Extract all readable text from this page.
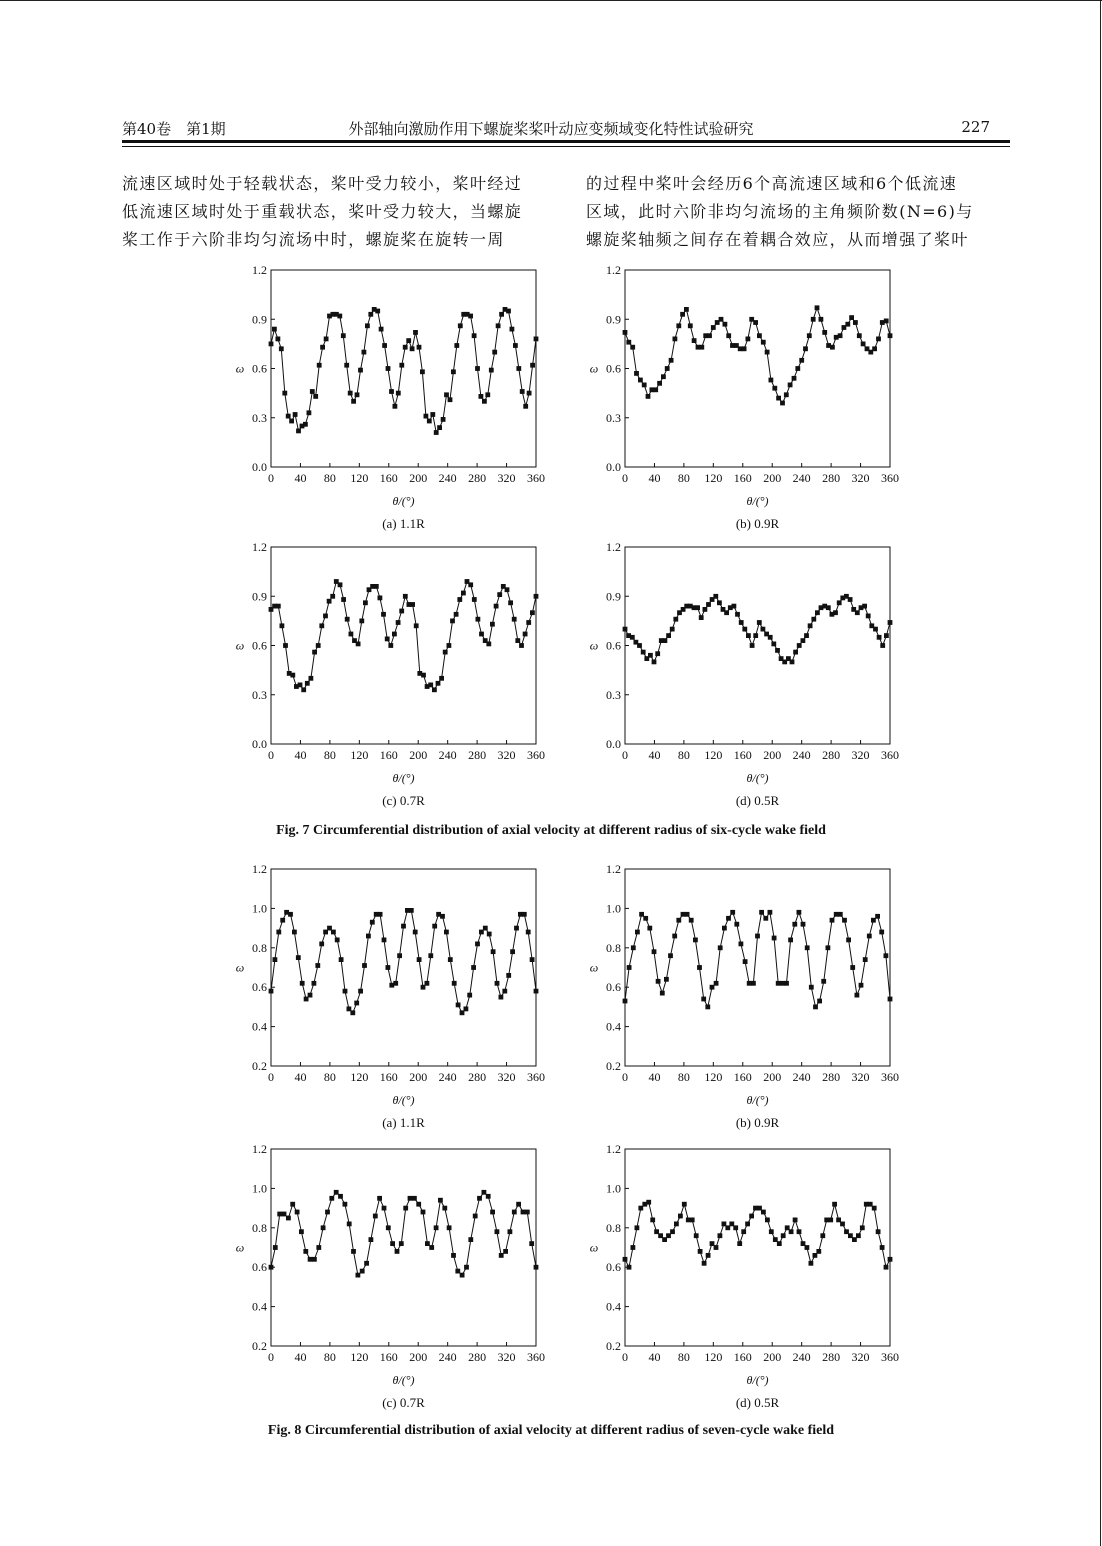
第40卷　第1期	外部轴向激励作用下螺旋桨桨叶动应变频域变化特性试验研究	227
流速区域时处于轻载状态，桨叶受力较小，桨叶经过
低流速区域时处于重载状态，桨叶受力较大，当螺旋
桨工作于六阶非均匀流场中时，螺旋桨在旋转一周
的过程中桨叶会经历6个高流速区域和6个低流速
区域，此时六阶非均匀流场的主角频阶数(N=6)与
螺旋桨轴频之间存在着耦合效应，从而增强了桨叶
0 40 80 120 160 200 240 280 320 360
0.0
0.3
0.6
0.9
1.2
ω
θ/(°)
(a) 1.1R
0 40 80 120 160 200 240 280 320 360
0.0
0.3
0.6
0.9
1.2
ω
θ/(°)
(b) 0.9R
0 40 80 120 160 200 240 280 320 360
0.0
0.3
0.6
0.9
1.2
ω
θ/(°)
(c) 0.7R
0 40 80 120 160 200 240 280 320 360
0.0
0.3
0.6
0.9
1.2
ω
θ/(°)
(d) 0.5R
Fig. 7 Circumferential distribution of axial velocity at different radius of six-cycle wake field
0 40 80 120 160 200 240 280 320 360
0.2
0.4
0.6
0.8
1.0
1.2
ω
θ/(°)
(a) 1.1R
0 40 80 120 160 200 240 280 320 360
0.2
0.4
0.6
0.8
1.0
1.2
ω
θ/(°)
(b) 0.9R
0 40 80 120 160 200 240 280 320 360
0.2
0.4
0.6
0.8
1.0
1.2
ω
θ/(°)
(c) 0.7R
0 40 80 120 160 200 240 280 320 360
0.2
0.4
0.6
0.8
1.0
1.2
ω
θ/(°)
(d) 0.5R
Fig. 8 Circumferential distribution of axial velocity at different radius of seven-cycle wake field
